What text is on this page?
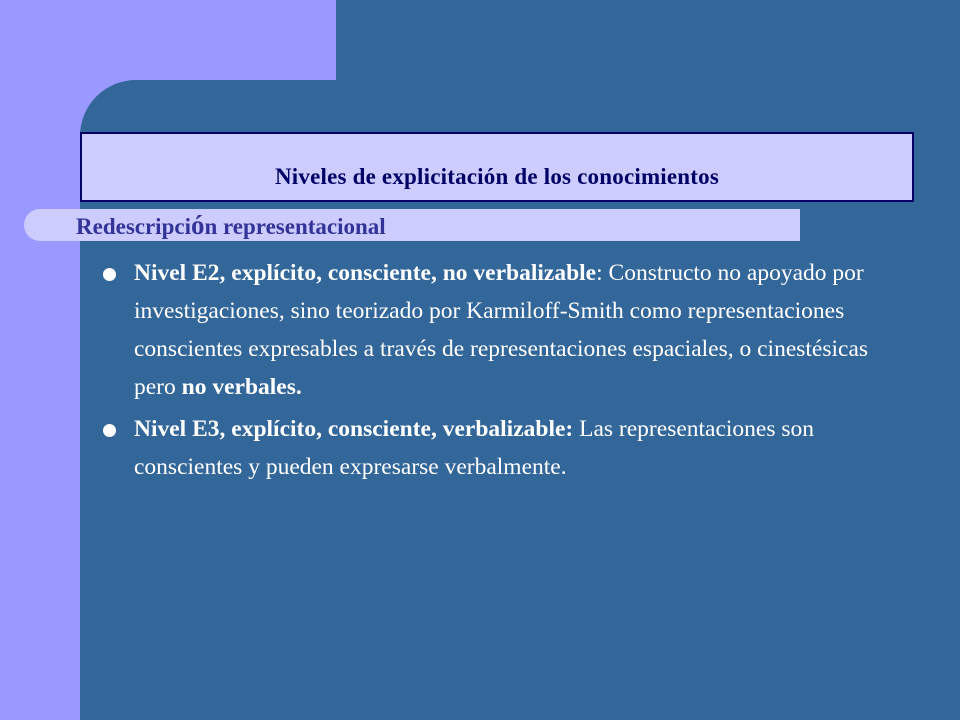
Niveles de explicitación de los conocimientos
Redescripción representacional
Nivel E2, explícito, consciente, no verbalizable: Constructo no apoyado por investigaciones, sino teorizado por Karmiloff-Smith como representaciones conscientes expresables a través de representaciones espaciales, o cinestésicas pero no verbales.
Nivel E3, explícito, consciente, verbalizable: Las representaciones son conscientes y pueden expresarse verbalmente.
